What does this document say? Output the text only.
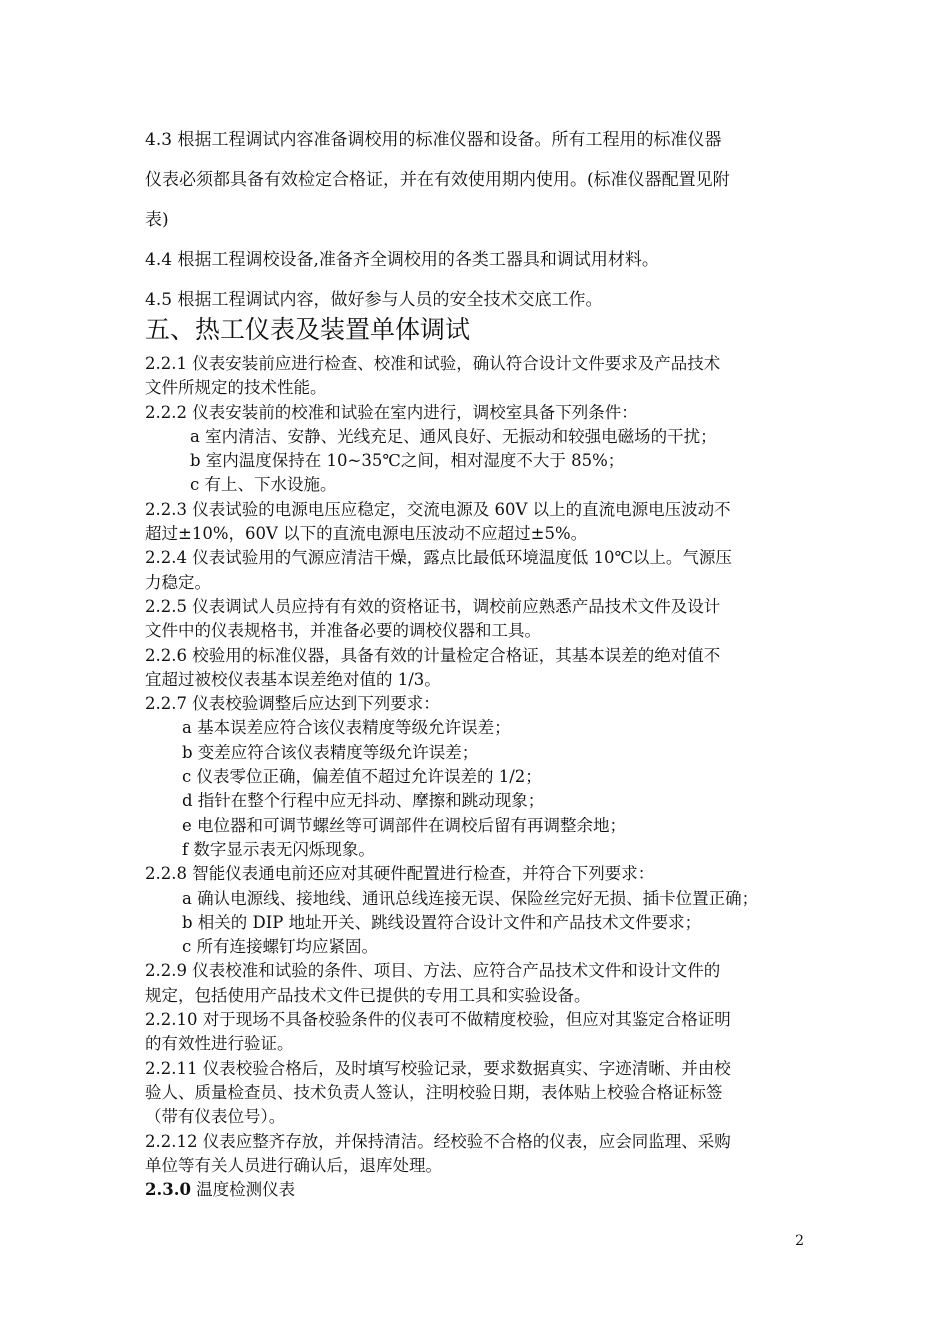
4.3 根据工程调试内容准备调校用的标准仪器和设备。所有工程用的标准仪器

仪表必须都具备有效检定合格证，并在有效使用期内使用。(标准仪器配置见附

表)

4.4 根据工程调校设备,准备齐全调校用的各类工器具和调试用材料。

4.5 根据工程调试内容，做好参与人员的安全技术交底工作。

五、热工仪表及装置单体调试

2.2.1 仪表安装前应进行检查、校准和试验，确认符合设计文件要求及产品技术

文件所规定的技术性能。

2.2.2 仪表安装前的校准和试验在室内进行，调校室具备下列条件：

a 室内清洁、安静、光线充足、通风良好、无振动和较强电磁场的干扰；

b 室内温度保持在 10~35℃之间，相对湿度不大于 85%；

c 有上、下水设施。

2.2.3 仪表试验的电源电压应稳定，交流电源及 60V 以上的直流电源电压波动不

超过±10%，60V 以下的直流电源电压波动不应超过±5%。

2.2.4 仪表试验用的气源应清洁干燥，露点比最低环境温度低 10℃以上。气源压

力稳定。

2.2.5 仪表调试人员应持有有效的资格证书，调校前应熟悉产品技术文件及设计

文件中的仪表规格书，并准备必要的调校仪器和工具。

2.2.6 校验用的标准仪器，具备有效的计量检定合格证，其基本误差的绝对值不

宜超过被校仪表基本误差绝对值的 1/3。

2.2.7 仪表校验调整后应达到下列要求：

a 基本误差应符合该仪表精度等级允许误差；

b 变差应符合该仪表精度等级允许误差；

c 仪表零位正确，偏差值不超过允许误差的 1/2；

d 指针在整个行程中应无抖动、摩擦和跳动现象；

e 电位器和可调节螺丝等可调部件在调校后留有再调整余地；

f 数字显示表无闪烁现象。

2.2.8 智能仪表通电前还应对其硬件配置进行检查，并符合下列要求：

a 确认电源线、接地线、通讯总线连接无误、保险丝完好无损、插卡位置正确；

b 相关的 DIP 地址开关、跳线设置符合设计文件和产品技术文件要求；

c 所有连接螺钉均应紧固。

2.2.9 仪表校准和试验的条件、项目、方法、应符合产品技术文件和设计文件的

规定，包括使用产品技术文件已提供的专用工具和实验设备。

2.2.10 对于现场不具备校验条件的仪表可不做精度校验，但应对其鉴定合格证明

的有效性进行验证。

2.2.11 仪表校验合格后，及时填写校验记录，要求数据真实、字迹清晰、并由校

验人、质量检查员、技术负责人签认，注明校验日期，表体贴上校验合格证标签

（带有仪表位号）。

2.2.12 仪表应整齐存放，并保持清洁。经校验不合格的仪表，应会同监理、采购

单位等有关人员进行确认后，退库处理。

2.3.0 温度检测仪表

2
